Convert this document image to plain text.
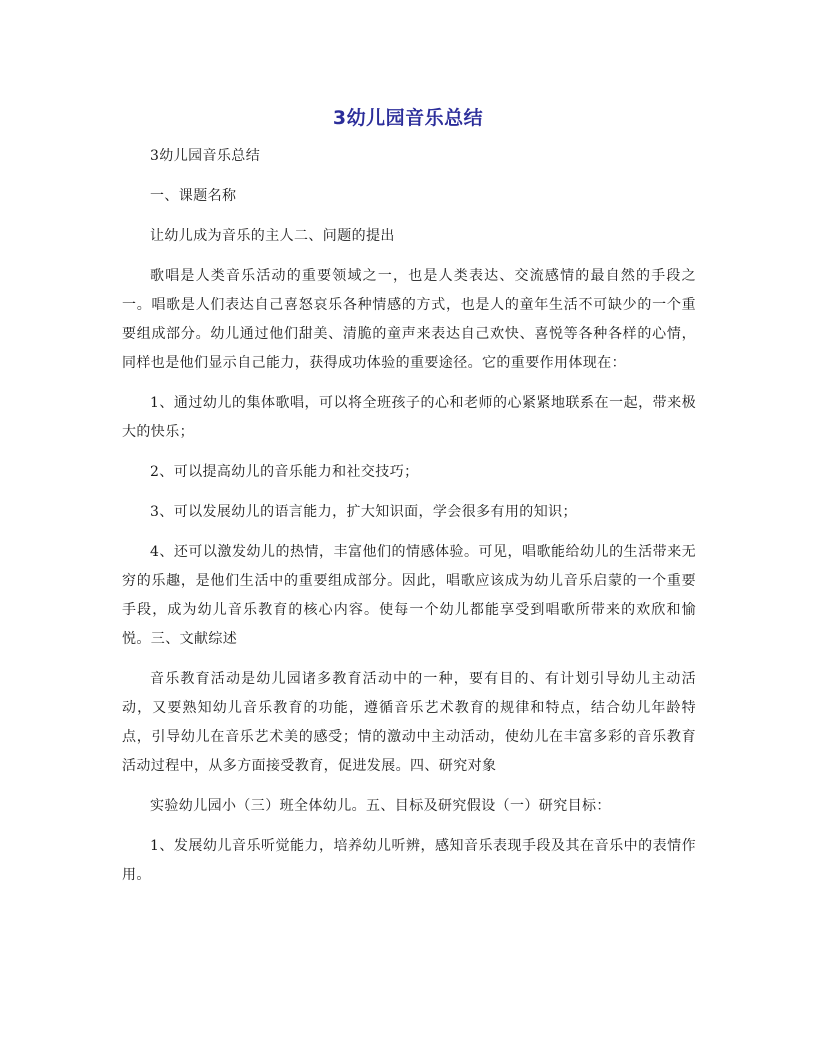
3幼儿园音乐总结

3幼儿园音乐总结

一、课题名称

让幼儿成为音乐的主人二、问题的提出

歌唱是人类音乐活动的重要领域之一，也是人类表达、交流感情的最自然的手段之一。唱歌是人们表达自己喜怒哀乐各种情感的方式，也是人的童年生活不可缺少的一个重要组成部分。幼儿通过他们甜美、清脆的童声来表达自己欢快、喜悦等各种各样的心情，同样也是他们显示自己能力，获得成功体验的重要途径。它的重要作用体现在：

1、通过幼儿的集体歌唱，可以将全班孩子的心和老师的心紧紧地联系在一起，带来极大的快乐；

2、可以提高幼儿的音乐能力和社交技巧；

3、可以发展幼儿的语言能力，扩大知识面，学会很多有用的知识；

4、还可以激发幼儿的热情，丰富他们的情感体验。可见，唱歌能给幼儿的生活带来无穷的乐趣，是他们生活中的重要组成部分。因此，唱歌应该成为幼儿音乐启蒙的一个重要手段，成为幼儿音乐教育的核心内容。使每一个幼儿都能享受到唱歌所带来的欢欣和愉悦。三、文献综述

音乐教育活动是幼儿园诸多教育活动中的一种，要有目的、有计划引导幼儿主动活动，又要熟知幼儿音乐教育的功能，遵循音乐艺术教育的规律和特点，结合幼儿年龄特点，引导幼儿在音乐艺术美的感受；情的激动中主动活动，使幼儿在丰富多彩的音乐教育活动过程中，从多方面接受教育，促进发展。四、研究对象

实验幼儿园小（三）班全体幼儿。五、目标及研究假设（一）研究目标：

1、发展幼儿音乐听觉能力，培养幼儿听辨，感知音乐表现手段及其在音乐中的表情作用。
